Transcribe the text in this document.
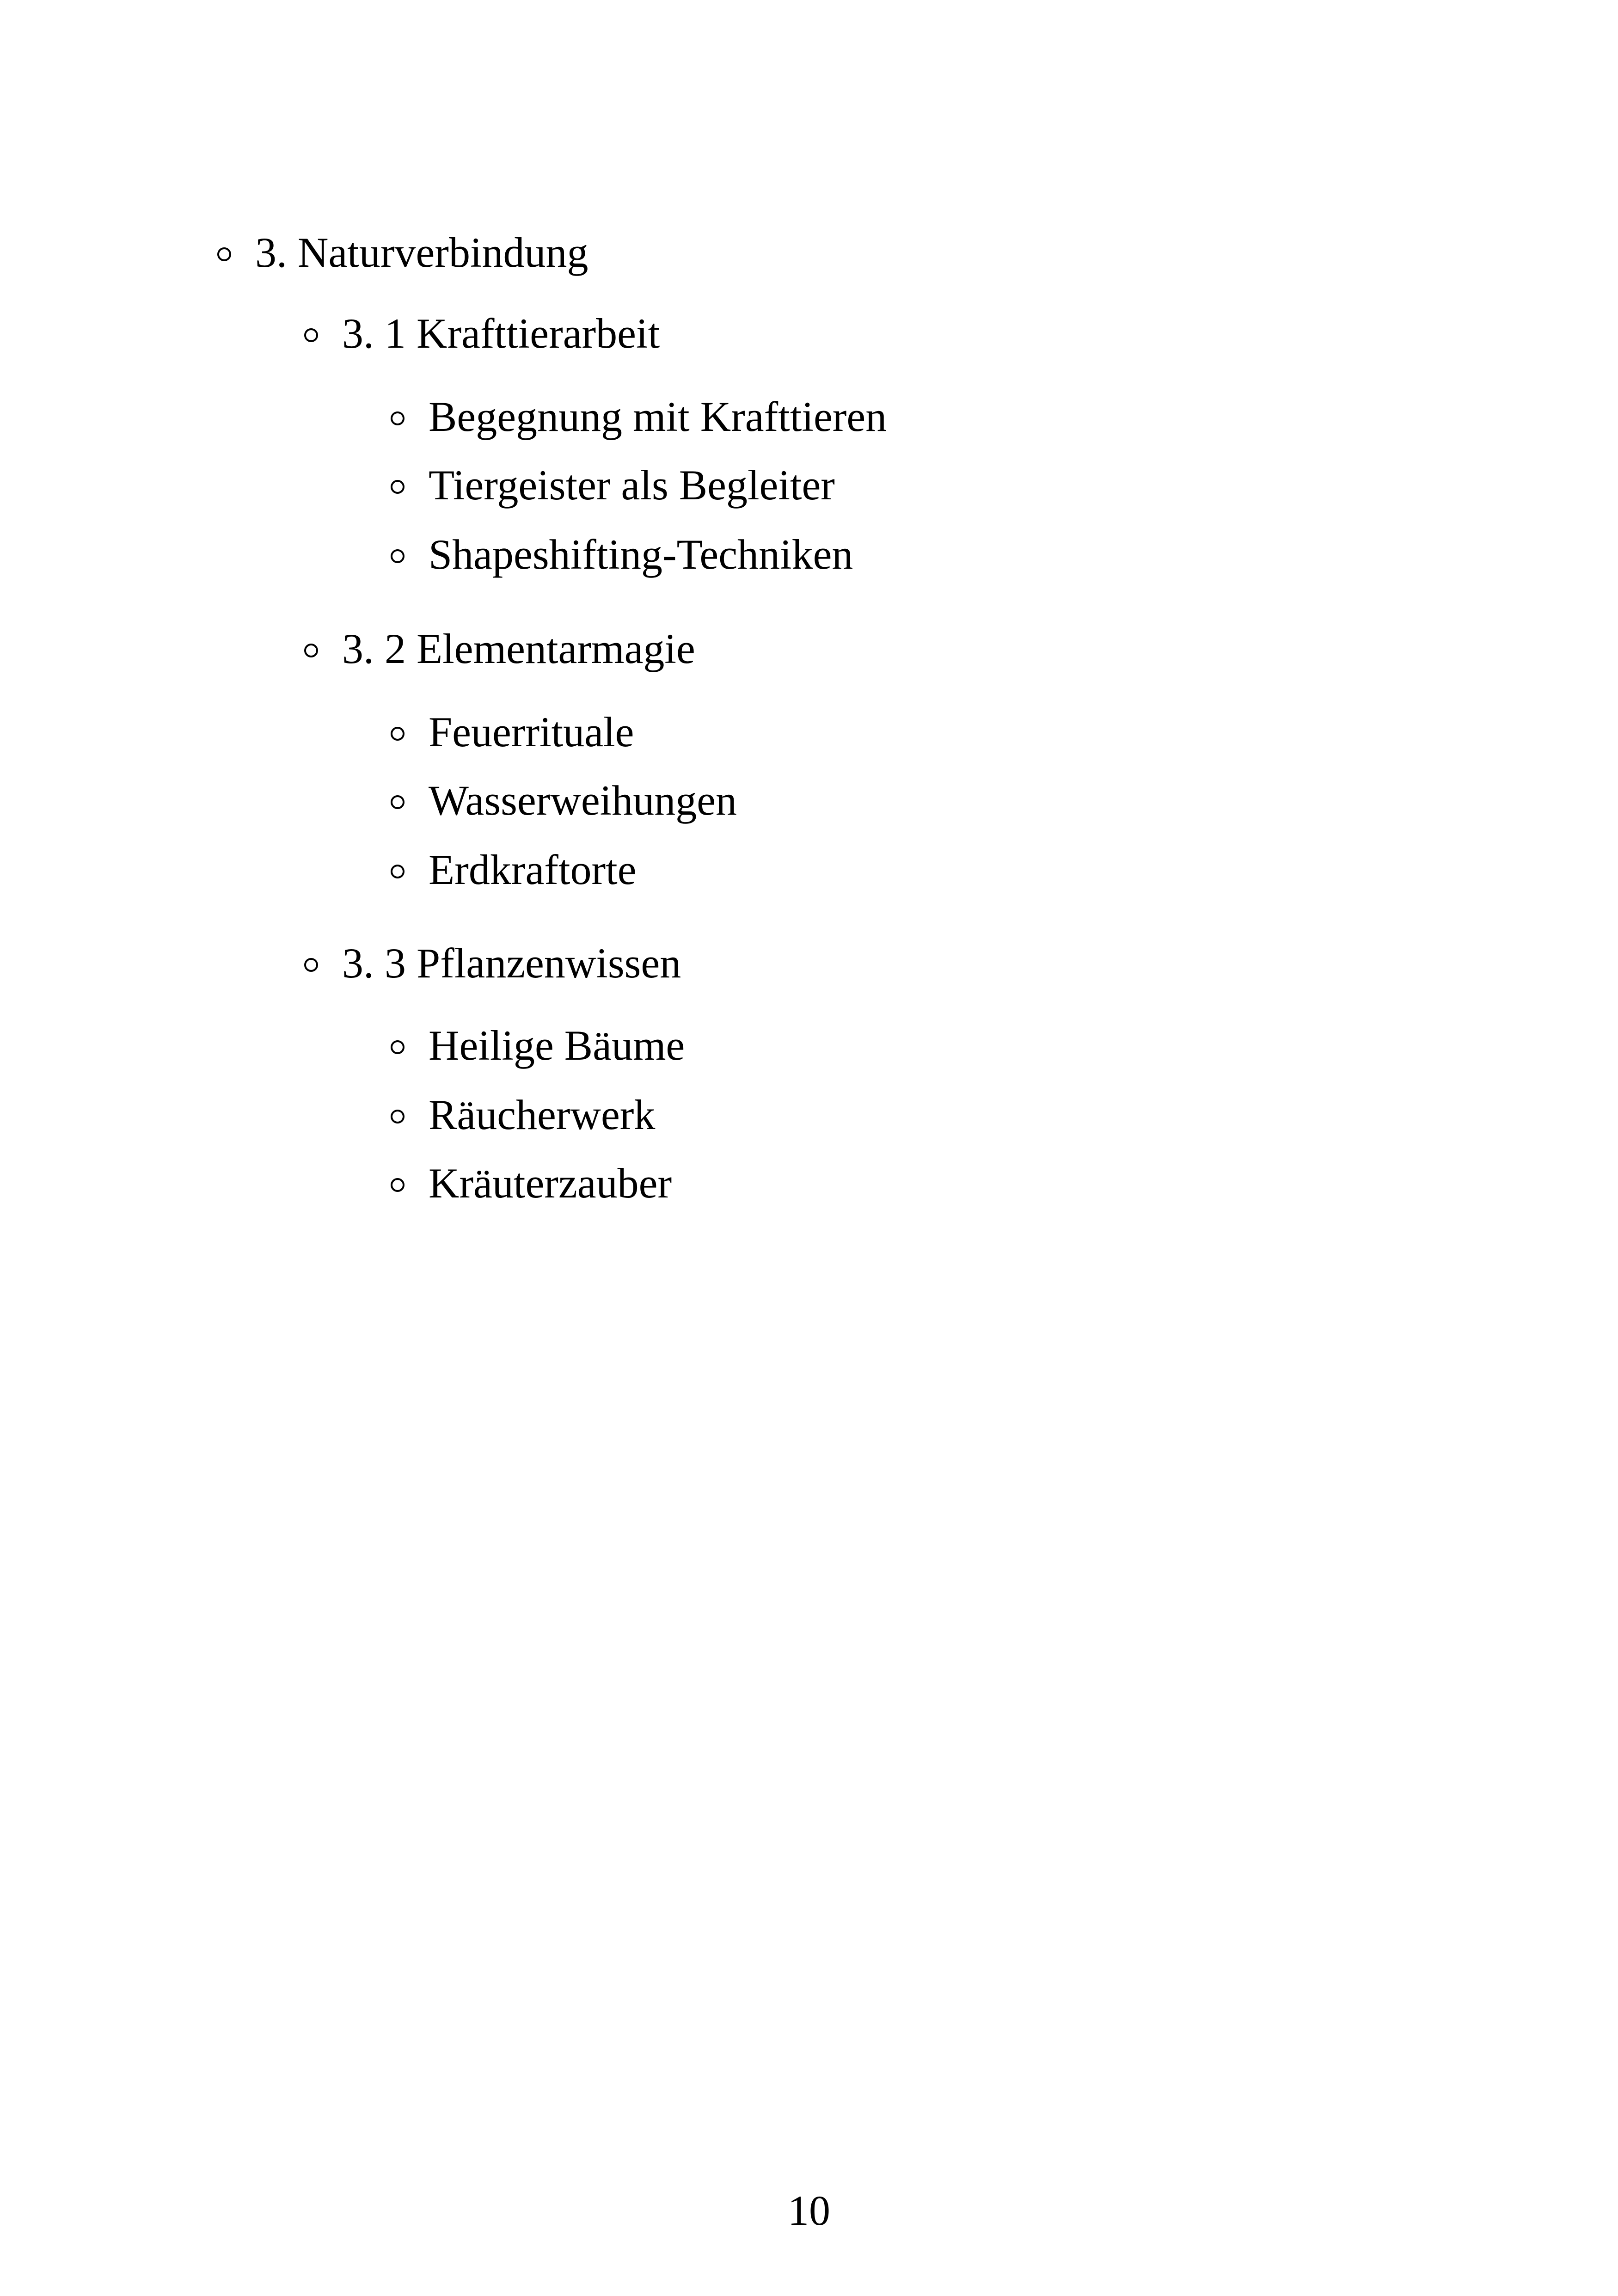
3. Naturverbindung
3. 1 Krafttierarbeit
Begegnung mit Krafttieren
Tiergeister als Begleiter
Shapeshifting-Techniken
3. 2 Elementarmagie
Feuerrituale
Wasserweihungen
Erdkraftorte
3. 3 Pflanzenwissen
Heilige Bäume
Räucherwerk
Kräuterzauber
10
